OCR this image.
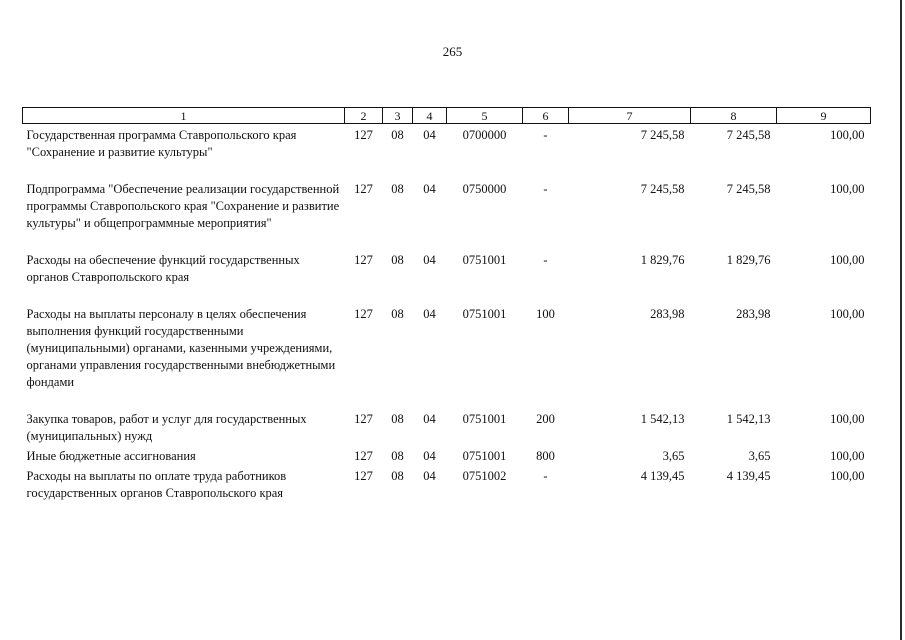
265
1	2	3	4	5	6	7	8	9
Государственная программа Ставропольского края "Сохранение и развитие культуры"	127	08	04	0700000	-	7 245,58	7 245,58	100,00
Подпрограмма "Обеспечение реализации государственной программы Ставропольского края "Сохранение и развитие культуры" и общепрограммные мероприятия"	127	08	04	0750000	-	7 245,58	7 245,58	100,00
Расходы на обеспечение функций государственных органов Ставропольского края	127	08	04	0751001	-	1 829,76	1 829,76	100,00
Расходы на выплаты персоналу в целях обеспечения выполнения функций государственными (муниципальными) органами, казенными учреждениями, органами управления государственными внебюджетными фондами	127	08	04	0751001	100	283,98	283,98	100,00
Закупка товаров, работ и услуг для государственных (муниципальных) нужд	127	08	04	0751001	200	1 542,13	1 542,13	100,00
Иные бюджетные ассигнования	127	08	04	0751001	800	3,65	3,65	100,00
Расходы на выплаты по оплате труда работников государственных органов Ставропольского края	127	08	04	0751002	-	4 139,45	4 139,45	100,00
